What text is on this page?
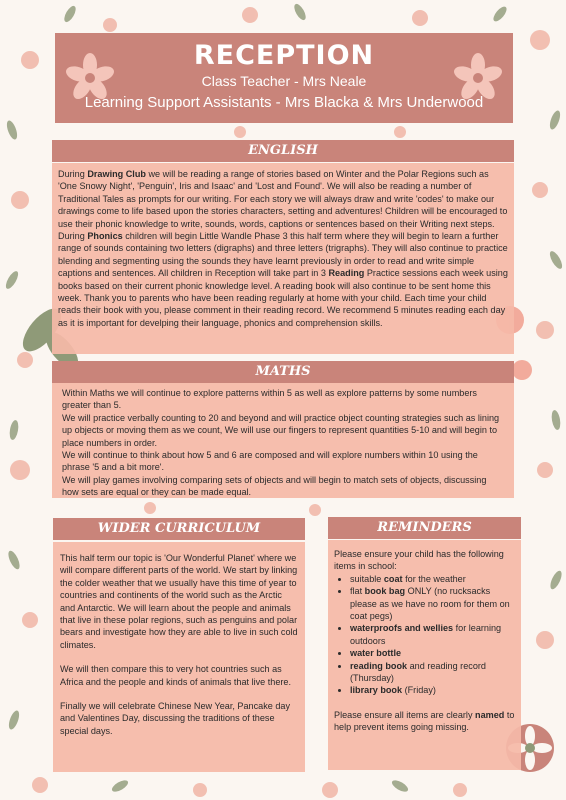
RECEPTION
Class Teacher - Mrs Neale
Learning Support Assistants - Mrs Blacka & Mrs Underwood
ENGLISH

During Drawing Club we will be reading a range of stories based on Winter and the Polar Regions such as 'One Snowy Night', 'Penguin', Iris and Isaac' and 'Lost and Found'. We will also be reading a number of Traditional Tales as prompts for our writing. For each story we will always draw and write 'codes' to make our drawings come to life based upon the stories characters, setting and adventures! Children will be encouraged to use their phonic knowledge to write, sounds, words, captions or sentences based on their Writing next steps. During Phonics children will begin Little Wandle Phase 3 this half term where they will begin to learn a further range of sounds containing two letters (digraphs) and three letters (trigraphs). They will also continue to practice blending and segmenting using the sounds they have learnt previously in order to read and write simple captions and sentences. All children in Reception will take part in 3 Reading Practice sessions each week using books based on their current phonic knowledge level. A reading book will also continue to be sent home this week. Thank you to parents who have been reading regularly at home with your child. Each time your child reads their book with you, please comment in their reading record. We recommend 5 minutes reading each day as it is important for develping their language, phonics and comprehension skills.

MATHS

Within Maths we will continue to explore patterns within 5 as well as explore patterns by some numbers greater than 5.

We will practice verbally counting to 20 and beyond and will practice object counting strategies such as lining up objects or moving them as we count, We will use our fingers to represent quantities 5-10 and will begin to place numbers in order.

We will continue to think about how 5 and 6 are composed and will explore numbers within 10 using the phrase '5 and a bit more'.

We will play games involving comparing sets of objects and will begin to match sets of objects, discussing how sets are equal or they can be made equal.

WIDER CURRICULUM

This half term our topic is 'Our Wonderful Planet' where we will compare different parts of the world. We start by linking the colder weather that we usually have this time of year to countries and continents of the world such as the Arctic and Antarctic. We will learn about the people and animals that live in these polar regions, such as penguins and polar bears and investigate how they are able to live in such cold climates.

We will then compare this to very hot countries such as Africa and the people and kinds of animals that live there.

Finally we will celebrate Chinese New Year, Pancake day and Valentines Day, discussing the traditions of these special days.

REMINDERS

Please ensure your child has the following items in school:

• suitable coat for the weather
• flat book bag ONLY (no rucksacks please as we have no room for them on coat pegs)
• waterproofs and wellies for learning outdoors
• water bottle
• reading book and reading record (Thursday)
• library book (Friday)

Please ensure all items are clearly named to help prevent items going missing.
